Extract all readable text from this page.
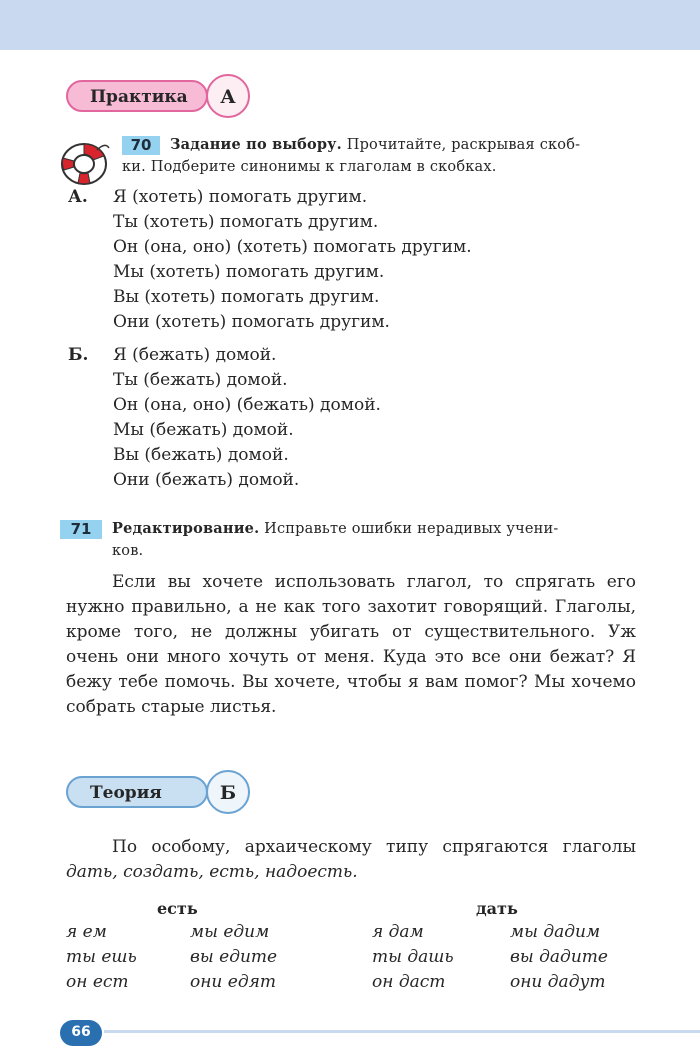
Практика	А
70	Задание по выбору. Прочитайте, раскрывая скоб-
ки. Подберите синонимы к глаголам в скобках.
А. Я (хотеть) помогать другим.
Ты (хотеть) помогать другим.
Он (она, оно) (хотеть) помогать другим.
Мы (хотеть) помогать другим.
Вы (хотеть) помогать другим.
Они (хотеть) помогать другим.
Б. Я (бежать) домой.
Ты (бежать) домой.
Он (она, оно) (бежать) домой.
Мы (бежать) домой.
Вы (бежать) домой.
Они (бежать) домой.
71	Редактирование. Исправьте ошибки нерадивых учени-
ков.
Если вы хочете использовать глагол, то спрягать его нужно правильно, а не как того захотит говорящий. Глаголы, кроме того, не должны убигать от существительного. Уж очень они много хочуть от меня. Куда это все они бежат? Я бежу тебе помочь. Вы хочете, чтобы я вам помог? Мы хочемо собрать старые листья.
Теория	Б
По особому, архаическому типу спрягаются глаголы дать, создать, есть, надоесть.
есть	дать
я ем	мы едим	я дам	мы дадим
ты ешь	вы едите	ты дашь	вы дадите
он ест	они едят	он даст	они дадут
66
